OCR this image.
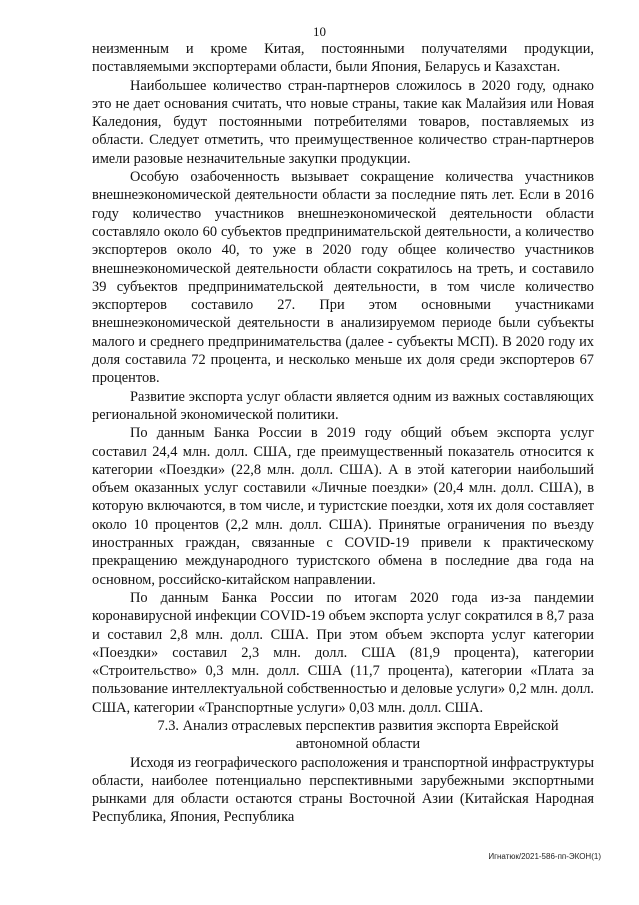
10

неизменным и кроме Китая, постоянными получателями продукции, поставляемыми экспортерами области, были Япония, Беларусь и Казахстан.

Наибольшее количество стран-партнеров сложилось в 2020 году, однако это не дает основания считать, что новые страны, такие как Малайзия или Новая Каледония, будут постоянными потребителями товаров, поставляемых из области. Следует отметить, что преимущественное количество стран-партнеров имели разовые незначительные закупки продукции.

Особую озабоченность вызывает сокращение количества участников внешнеэкономической деятельности области за последние пять лет. Если в 2016 году количество участников внешнеэкономической деятельности области составляло около 60 субъектов предпринимательской деятельности, а количество экспортеров около 40, то уже в 2020 году общее количество участников внешнеэкономической деятельности области сократилось на треть, и составило 39 субъектов предпринимательской деятельности, в том числе количество экспортеров составило 27. При этом основными участниками внешнеэкономической деятельности в анализируемом периоде были субъекты малого и среднего предпринимательства (далее - субъекты МСП). В 2020 году их доля составила 72 процента, и несколько меньше их доля среди экспортеров 67 процентов.

Развитие экспорта услуг области является одним из важных составляющих региональной экономической политики.

По данным Банка России в 2019 году общий объем экспорта услуг составил 24,4 млн. долл. США, где преимущественный показатель относится к категории «Поездки» (22,8 млн. долл. США). А в этой категории наибольший объем оказанных услуг составили «Личные поездки» (20,4 млн. долл. США), в которую включаются, в том числе, и туристские поездки, хотя их доля составляет около 10 процентов (2,2 млн. долл. США). Принятые ограничения по въезду иностранных граждан, связанные с COVID-19 привели к практическому прекращению международного туристского обмена в последние два года на основном, российско-китайском направлении.

По данным Банка России по итогам 2020 года из-за пандемии коронавирусной инфекции COVID-19 объем экспорта услуг сократился в 8,7 раза и составил 2,8 млн. долл. США. При этом объем экспорта услуг категории «Поездки» составил 2,3 млн. долл. США (81,9 процента), категории «Строительство» 0,3 млн. долл. США (11,7 процента), категории «Плата за пользование интеллектуальной собственностью и деловые услуги» 0,2 млн. долл. США, категории «Транспортные услуги» 0,03 млн. долл. США.

7.3. Анализ отраслевых перспектив развития экспорта Еврейской автономной области

Исходя из географического расположения и транспортной инфраструктуры области, наиболее потенциально перспективными зарубежными экспортными рынками для области остаются страны Восточной Азии (Китайская Народная Республика, Япония, Республика

Игнатюк/2021-586-пп-ЭКОН(1)
